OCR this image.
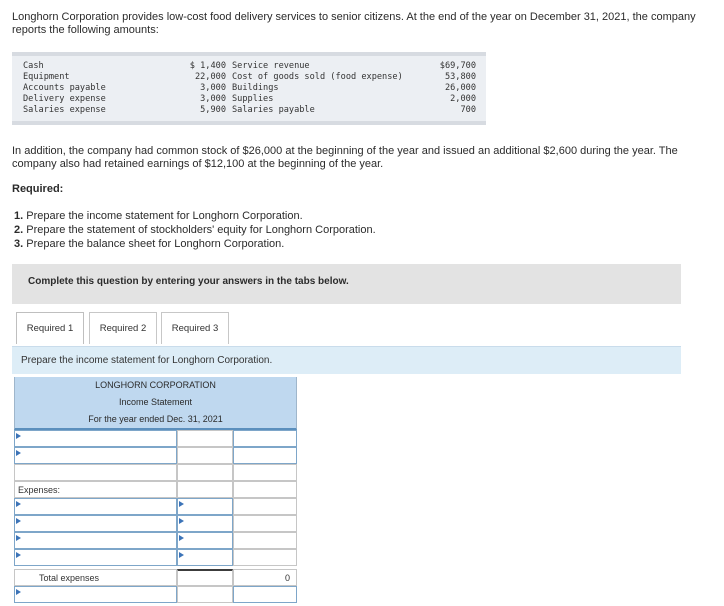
Longhorn Corporation provides low-cost food delivery services to senior citizens. At the end of the year on December 31, 2021, the company reports the following amounts:
Cash	$ 1,400 Service revenue	$69,700
Equipment	22,000 Cost of goods sold (food expense)	53,800
Accounts payable	3,000 Buildings	26,000
Delivery expense	3,000 Supplies	2,000
Salaries expense	5,900 Salaries payable	700
In addition, the company had common stock of $26,000 at the beginning of the year and issued an additional $2,600 during the year. The company also had retained earnings of $12,100 at the beginning of the year.
Required:
1. Prepare the income statement for Longhorn Corporation.
2. Prepare the statement of stockholders' equity for Longhorn Corporation.
3. Prepare the balance sheet for Longhorn Corporation.
Complete this question by entering your answers in the tabs below.
Required 1	Required 2	Required 3
Prepare the income statement for Longhorn Corporation.
LONGHORN CORPORATION
Income Statement
For the year ended Dec. 31, 2021
Expenses:
Total expenses	0
